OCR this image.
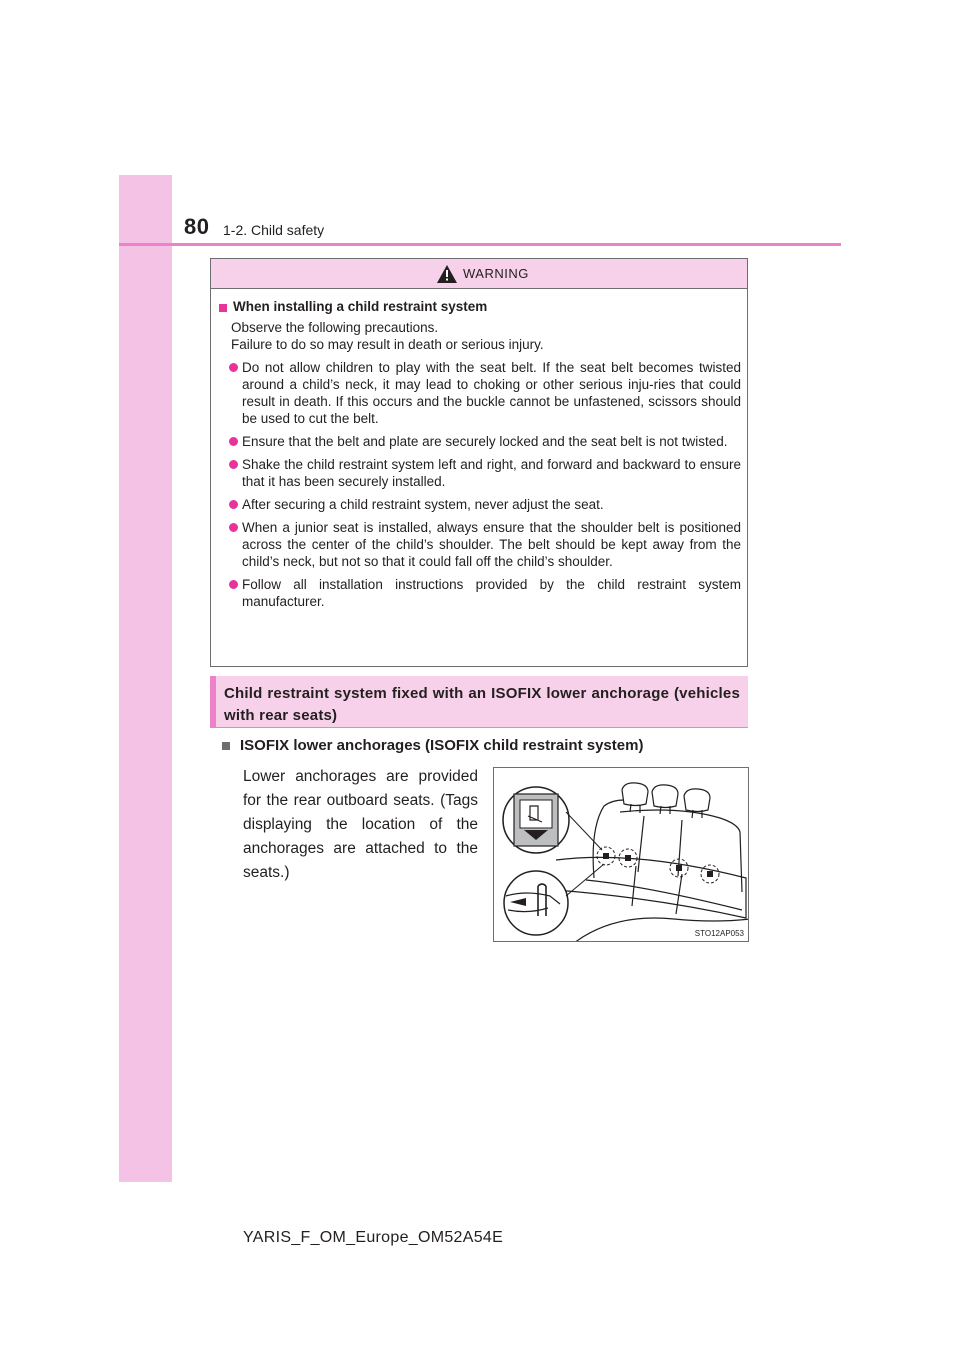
80 1-2. Child safety
WARNING
When installing a child restraint system
Observe the following precautions.
Failure to do so may result in death or serious injury.
Do not allow children to play with the seat belt. If the seat belt becomes twisted around a child’s neck, it may lead to choking or other serious inju-ries that could result in death. If this occurs and the buckle cannot be unfastened, scissors should be used to cut the belt.
Ensure that the belt and plate are securely locked and the seat belt is not twisted.
Shake the child restraint system left and right, and forward and backward to ensure that it has been securely installed.
After securing a child restraint system, never adjust the seat.
When a junior seat is installed, always ensure that the shoulder belt is positioned across the center of the child’s shoulder. The belt should be kept away from the child’s neck, but not so that it could fall off the child’s shoulder.
Follow all installation instructions provided by the child restraint system manufacturer.
Child restraint system fixed with an ISOFIX lower anchorage (vehicles with rear seats)
ISOFIX lower anchorages (ISOFIX child restraint system)
Lower anchorages are provided for the rear outboard seats. (Tags displaying the location of the anchorages are attached to the seats.)
STO12AP053
YARIS_F_OM_Europe_OM52A54E
